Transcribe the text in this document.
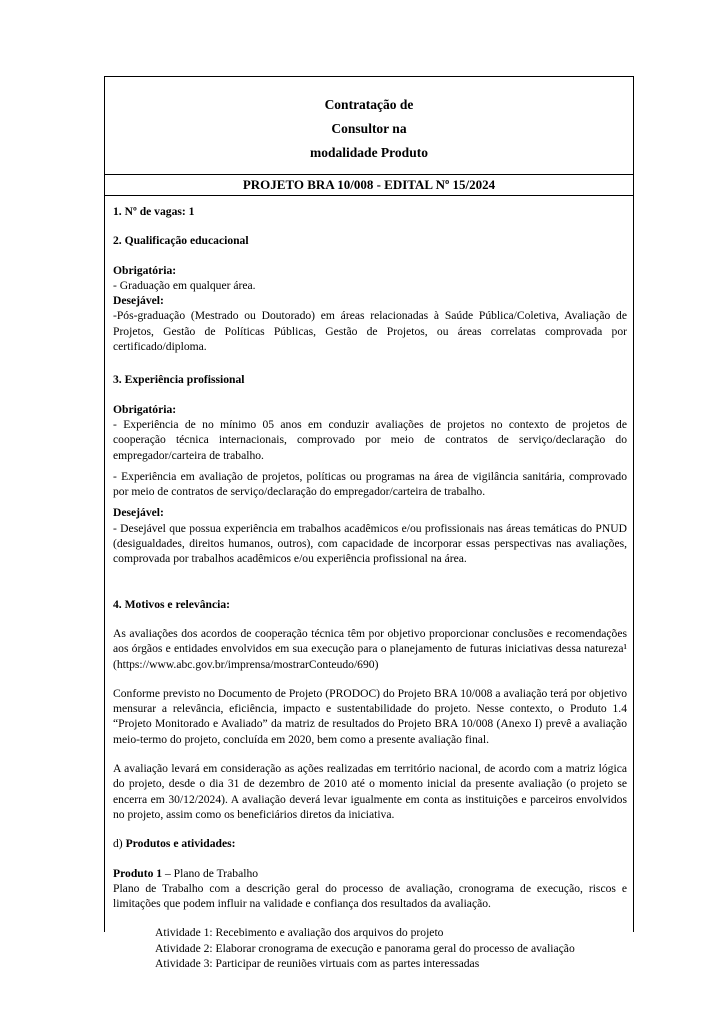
Contratação de
Consultor na
modalidade Produto
PROJETO BRA 10/008 - EDITAL Nº 15/2024

1. Nº de vagas: 1

2. Qualificação educacional

Obrigatória:

- Graduação em qualquer área.

Desejável:

-Pós-graduação (Mestrado ou Doutorado) em áreas relacionadas à Saúde Pública/Coletiva, Avaliação de Projetos, Gestão de Políticas Públicas, Gestão de Projetos, ou áreas correlatas comprovada por certificado/diploma.

3. Experiência profissional

Obrigatória:

- Experiência de no mínimo 05 anos em conduzir avaliações de projetos no contexto de projetos de cooperação técnica internacionais, comprovado por meio de contratos de serviço/declaração do empregador/carteira de trabalho.

- Experiência em avaliação de projetos, políticas ou programas na área de vigilância sanitária, comprovado por meio de contratos de serviço/declaração do empregador/carteira de trabalho.

Desejável:

- Desejável que possua experiência em trabalhos acadêmicos e/ou profissionais nas áreas temáticas do PNUD (desigualdades, direitos humanos, outros), com capacidade de incorporar essas perspectivas nas avaliações, comprovada por trabalhos acadêmicos e/ou experiência profissional na área.

4. Motivos e relevância:

As avaliações dos acordos de cooperação técnica têm por objetivo proporcionar conclusões e recomendações aos órgãos e entidades envolvidos em sua execução para o planejamento de futuras iniciativas dessa natureza¹ (https://www.abc.gov.br/imprensa/mostrarConteudo/690)

Conforme previsto no Documento de Projeto (PRODOC) do Projeto BRA 10/008 a avaliação terá por objetivo mensurar a relevância, eficiência, impacto e sustentabilidade do projeto. Nesse contexto, o Produto 1.4 “Projeto Monitorado e Avaliado” da matriz de resultados do Projeto BRA 10/008 (Anexo I) prevê a avaliação meio-termo do projeto, concluída em 2020, bem como a presente avaliação final.

A avaliação levará em consideração as ações realizadas em território nacional, de acordo com a matriz lógica do projeto, desde o dia 31 de dezembro de 2010 até o momento inicial da presente avaliação (o projeto se encerra em 30/12/2024). A avaliação deverá levar igualmente em conta as instituições e parceiros envolvidos no projeto, assim como os beneficiários diretos da iniciativa.

d) Produtos e atividades:

Produto 1 – Plano de Trabalho

Plano de Trabalho com a descrição geral do processo de avaliação, cronograma de execução, riscos e limitações que podem influir na validade e confiança dos resultados da avaliação.

Atividade 1: Recebimento e avaliação dos arquivos do projeto

Atividade 2: Elaborar cronograma de execução e panorama geral do processo de avaliação

Atividade 3: Participar de reuniões virtuais com as partes interessadas
